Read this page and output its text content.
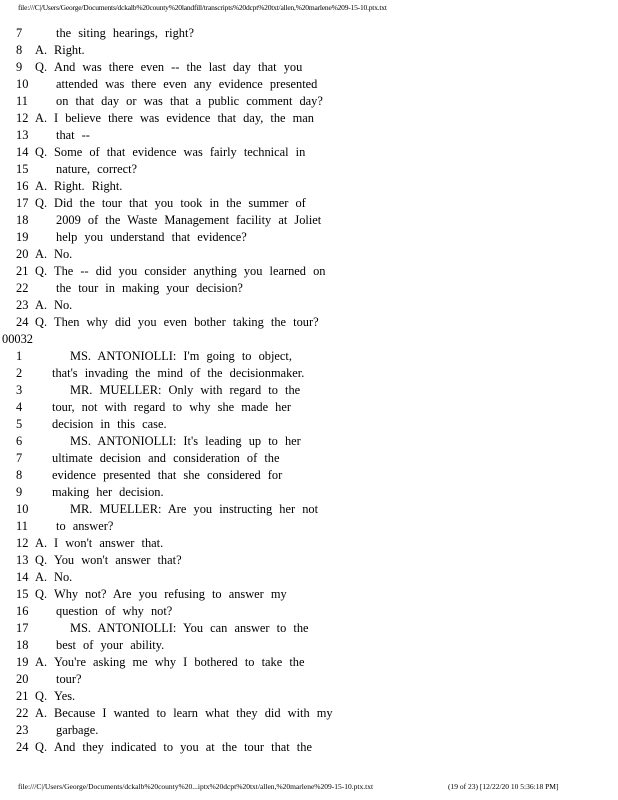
file:///C|/Users/George/Documents/dckalb%20county%20landfill/transcripts%20dcpt%20txt/allen,%20marlene%209-15-10.ptx.txt
7	the siting hearings, right?
8	A. Right.
9	Q. And was there even -- the last day that you
10	attended was there even any evidence presented
11	on that day or was that a public comment day?
12 A. I believe there was evidence that day, the man
13	that --
14 Q. Some of that evidence was fairly technical in
15	nature, correct?
16 A. Right. Right.
17 Q. Did the tour that you took in the summer of
18	2009 of the Waste Management facility at Joliet
19	help you understand that evidence?
20 A. No.
21 Q. The -- did you consider anything you learned on
22	the tour in making your decision?
23 A. No.
24 Q. Then why did you even bother taking the tour?
00032
1	MS. ANTONIOLLI: I'm going to object,
2	that's invading the mind of the decisionmaker.
3	MR. MUELLER: Only with regard to the
4	tour, not with regard to why she made her
5	decision in this case.
6	MS. ANTONIOLLI: It's leading up to her
7	ultimate decision and consideration of the
8	evidence presented that she considered for
9	making her decision.
10	MR. MUELLER: Are you instructing her not
11	to answer?
12 A. I won't answer that.
13 Q. You won't answer that?
14 A. No.
15 Q. Why not? Are you refusing to answer my
16	question of why not?
17	MS. ANTONIOLLI: You can answer to the
18	best of your ability.
19 A. You're asking me why I bothered to take the
20	tour?
21 Q. Yes.
22 A. Because I wanted to learn what they did with my
23	garbage.
24 Q. And they indicated to you at the tour that the
file:///C|/Users/George/Documents/dckalb%20county%20...iptx%20dcpt%20txt/allen,%20marlene%209-15-10.ptx.txt	(19 of 23) [12/22/20 10 5:36:18 PM]
